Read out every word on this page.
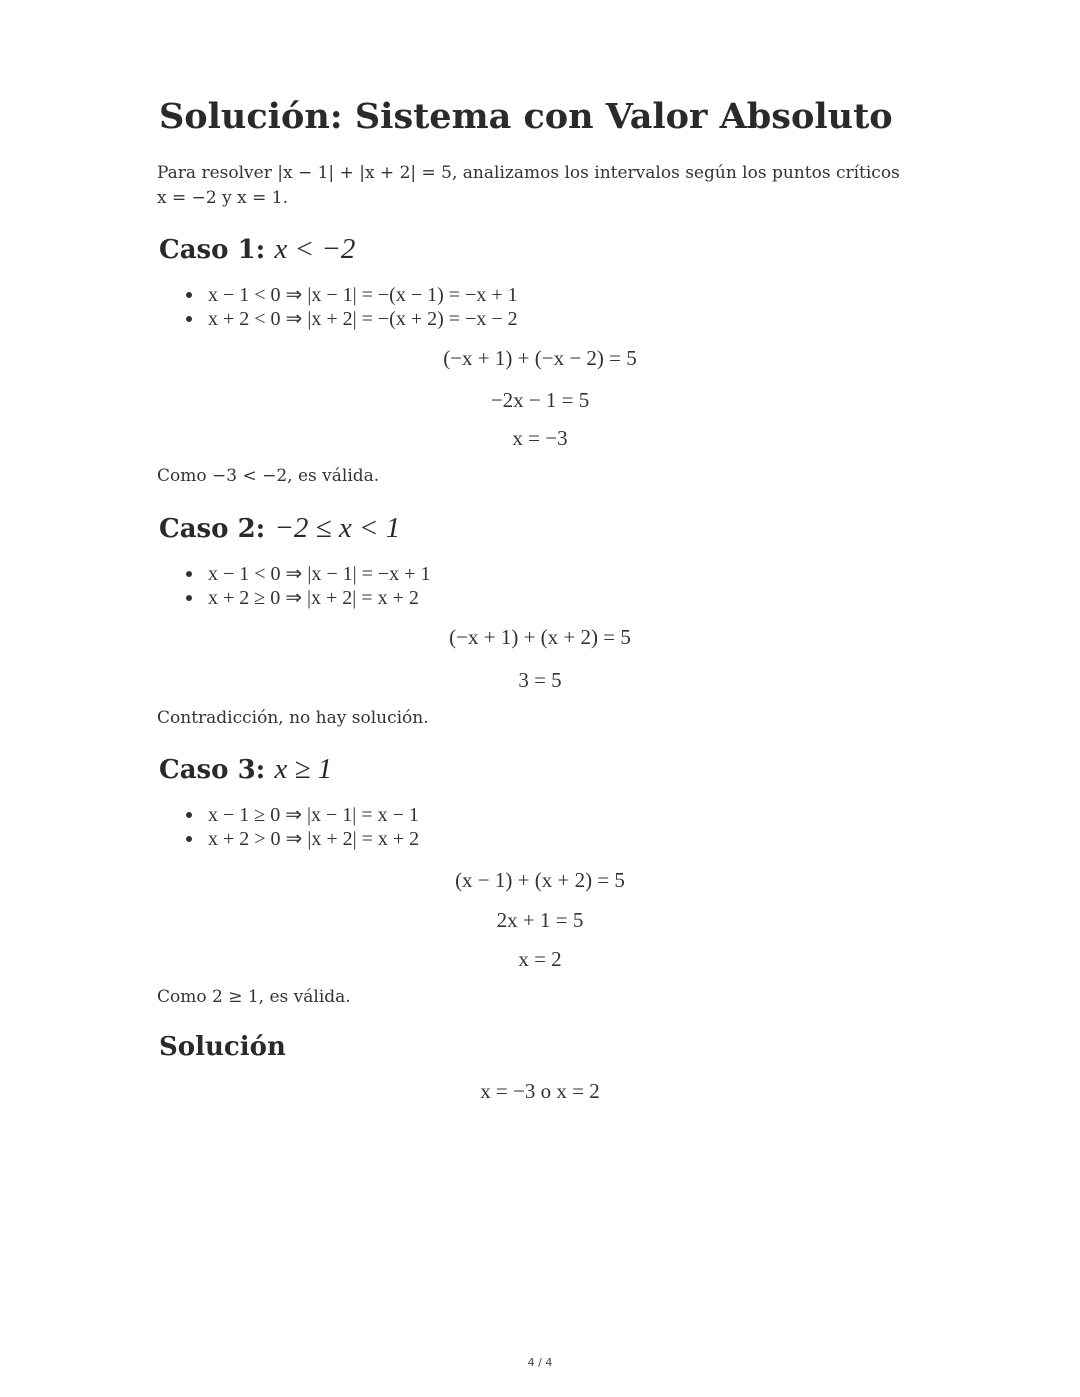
Solución: Sistema con Valor Absoluto

Para resolver |x − 1| + |x + 2| = 5, analizamos los intervalos según los puntos críticos
x = −2 y x = 1.

Caso 1: x < −2
x − 1 < 0 ⇒ |x − 1| = −(x − 1) = −x + 1
x + 2 < 0 ⇒ |x + 2| = −(x + 2) = −x − 2

(−x + 1) + (−x − 2) = 5

−2x − 1 = 5

x = −3

Como −3 < −2, es válida.

Caso 2: −2 ≤ x < 1
x − 1 < 0 ⇒ |x − 1| = −x + 1
x + 2 ≥ 0 ⇒ |x + 2| = x + 2

(−x + 1) + (x + 2) = 5

3 = 5

Contradicción, no hay solución.

Caso 3: x ≥ 1
x − 1 ≥ 0 ⇒ |x − 1| = x − 1
x + 2 > 0 ⇒ |x + 2| = x + 2

(x − 1) + (x + 2) = 5

2x + 1 = 5

x = 2

Como 2 ≥ 1, es válida.

Solución

x = −3 o x = 2

4 / 4
